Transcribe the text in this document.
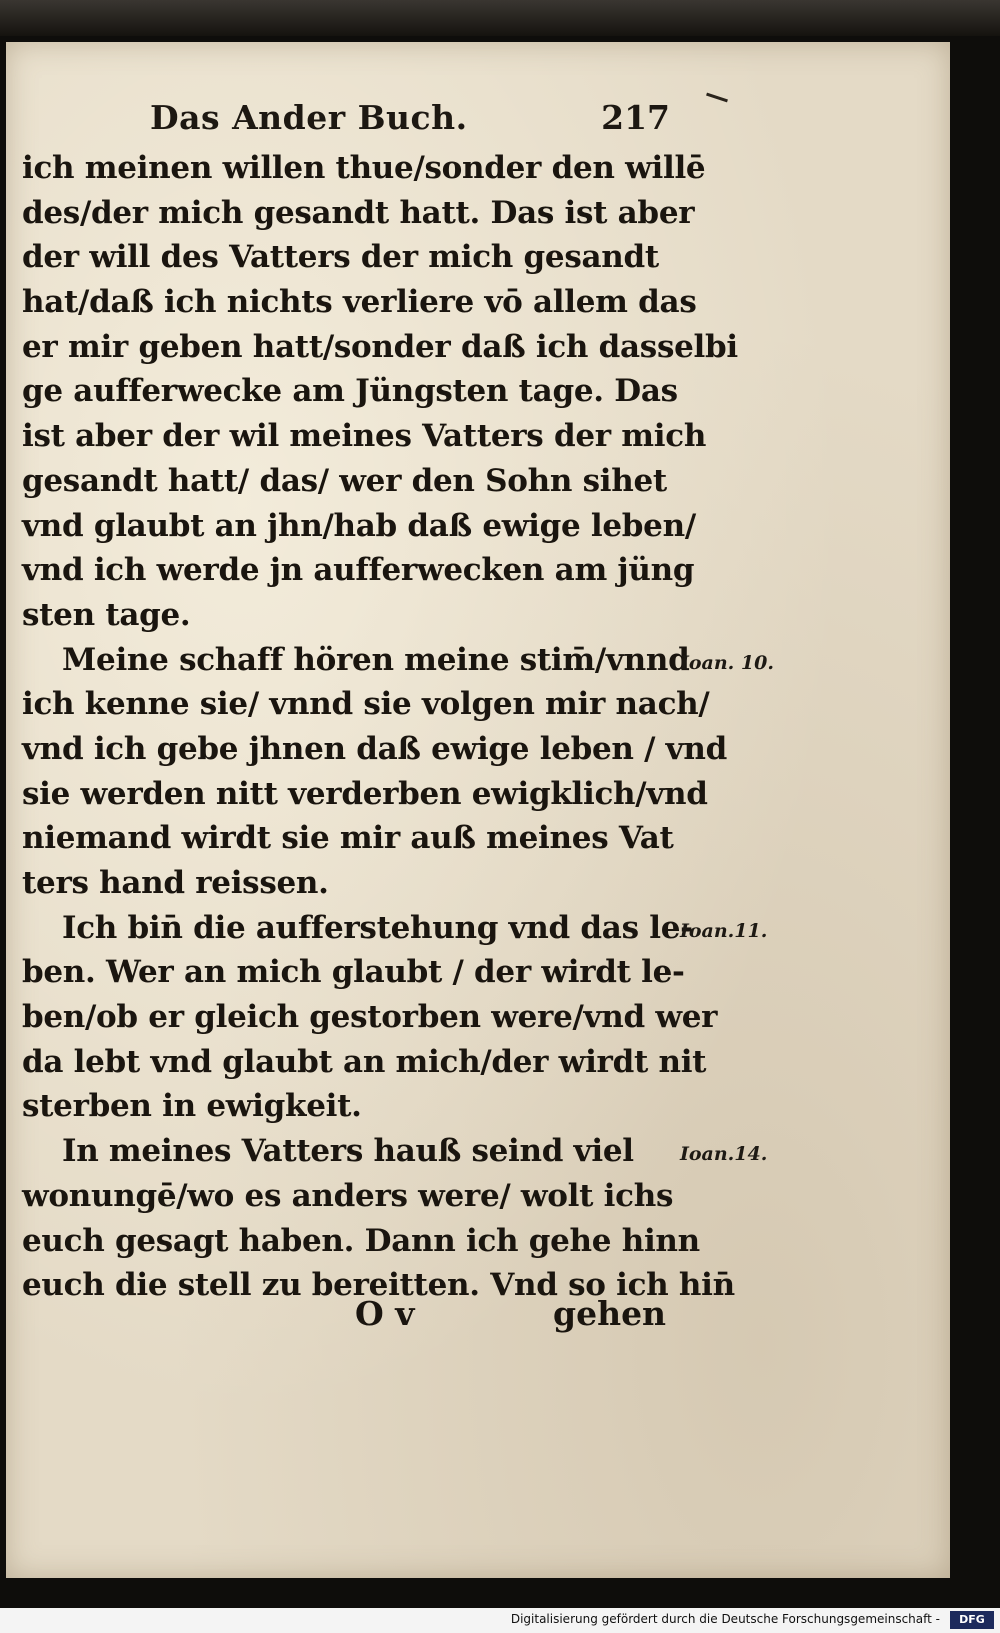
Das Ander Buch.	217
ich meinen willen thue/sonder den willē
des/der mich gesandt hatt. Das ist aber
der will des Vatters der mich gesandt
hat/daß ich nichts verliere vō allem das
er mir geben hatt/sonder daß ich dasselbi
ge aufferwecke am Jüngsten tage. Das
ist aber der wil meines Vatters der mich
gesandt hatt/ das/ wer den Sohn sihet
vnd glaubt an jhn/hab daß ewige leben/
vnd ich werde jn aufferwecken am jüng
sten tage.
Meine schaff hören meine stim̄/vnnd
ich kenne sie/ vnnd sie volgen mir nach/
vnd ich gebe jhnen daß ewige leben / vnd
sie werden nitt verderben ewigklich/vnd
niemand wirdt sie mir auß meines Vat
ters hand reissen.
Ich bin̄ die aufferstehung vnd das le-
ben. Wer an mich glaubt / der wirdt le-
ben/ob er gleich gestorben were/vnd wer
da lebt vnd glaubt an mich/der wirdt nit
sterben in ewigkeit.
In meines Vatters hauß seind viel
wonungē/wo es anders were/ wolt ichs
euch gesagt haben. Dann ich gehe hinn
euch die stell zu bereitten. Vnd so ich hin̄
Ioan. 10.
Ioan.11.
Ioan.14.
O v	gehen
Digitalisierung gefördert durch die Deutsche Forschungsgemeinschaft -	DFG
